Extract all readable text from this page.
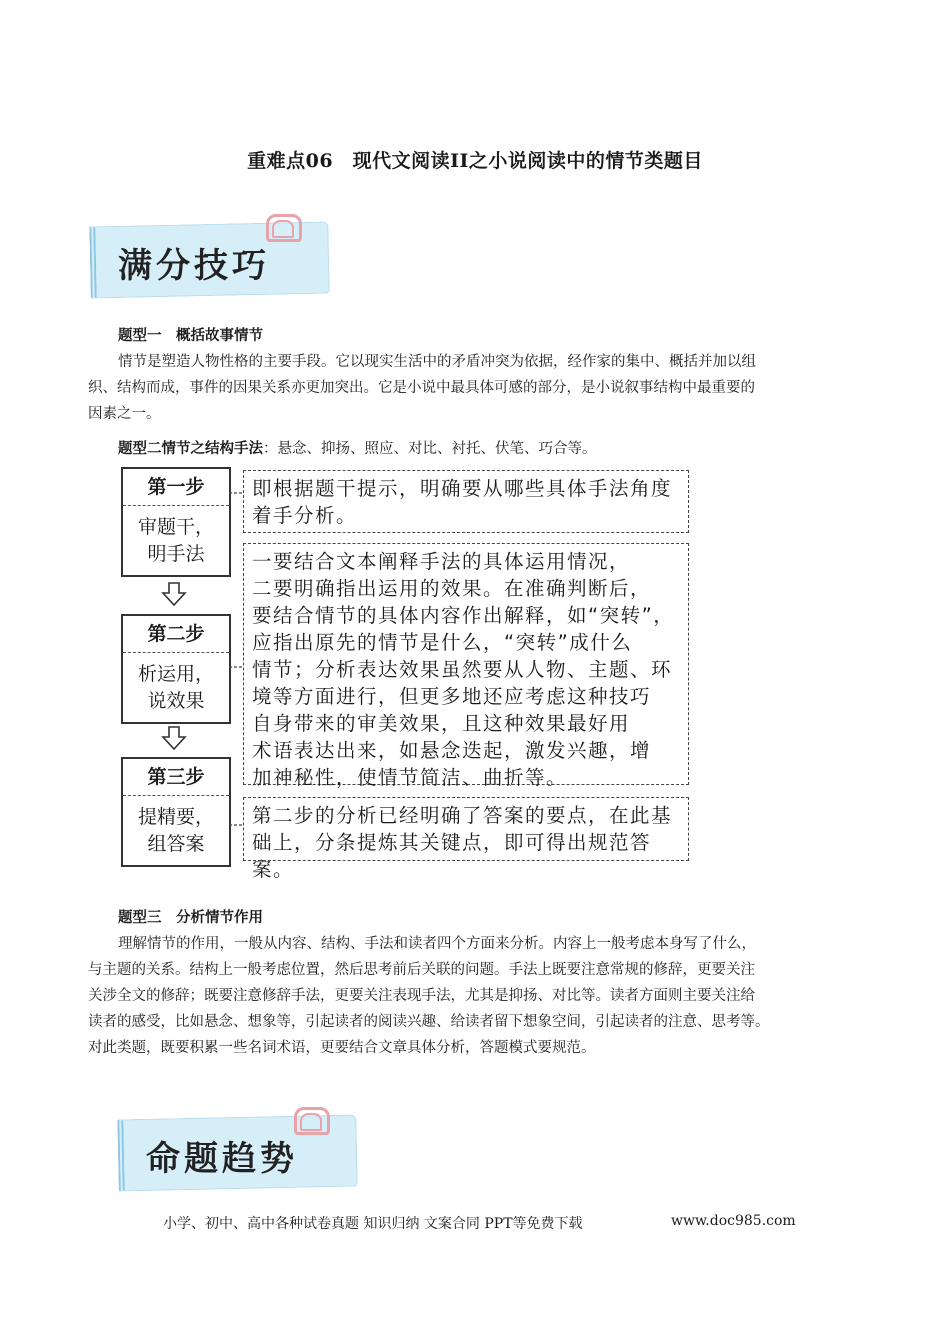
重难点06　现代文阅读II之小说阅读中的情节类题目
满分技巧
题型一　概括故事情节
情节是塑造人物性格的主要手段。它以现实生活中的矛盾冲突为依据，经作家的集中、概括并加以组
织、结构而成，事件的因果关系亦更加突出。它是小说中最具体可感的部分，是小说叙事结构中最重要的
因素之一。
题型二情节之结构手法：悬念、抑扬、照应、对比、衬托、伏笔、巧合等。
第一步
审题干，
明手法
第二步
析运用，
说效果
第三步
提精要，
组答案
即根据题干提示，明确要从哪些具体手法角度
着手分析。
一要结合文本阐释手法的具体运用情况，
二要明确指出运用的效果。在准确判断后，
要结合情节的具体内容作出解释，如“突转”，
应指出原先的情节是什么，“突转”成什么
情节；分析表达效果虽然要从人物、主题、环
境等方面进行，但更多地还应考虑这种技巧
自身带来的审美效果，且这种效果最好用
术语表达出来，如悬念迭起，激发兴趣，增
加神秘性，使情节简洁、曲折等。
第二步的分析已经明确了答案的要点，在此基
础上，分条提炼其关键点，即可得出规范答案。
题型三　分析情节作用
理解情节的作用，一般从内容、结构、手法和读者四个方面来分析。内容上一般考虑本身写了什么，
与主题的关系。结构上一般考虑位置，然后思考前后关联的问题。手法上既要注意常规的修辞，更要关注
关涉全文的修辞；既要注意修辞手法，更要关注表现手法，尤其是抑扬、对比等。读者方面则主要关注给
读者的感受，比如悬念、想象等，引起读者的阅读兴趣、给读者留下想象空间，引起读者的注意、思考等。
对此类题，既要积累一些名词术语，更要结合文章具体分析，答题模式要规范。
命题趋势
小学、初中、高中各种试卷真题 知识归纳 文案合同 PPT等免费下载	www.doc985.com
